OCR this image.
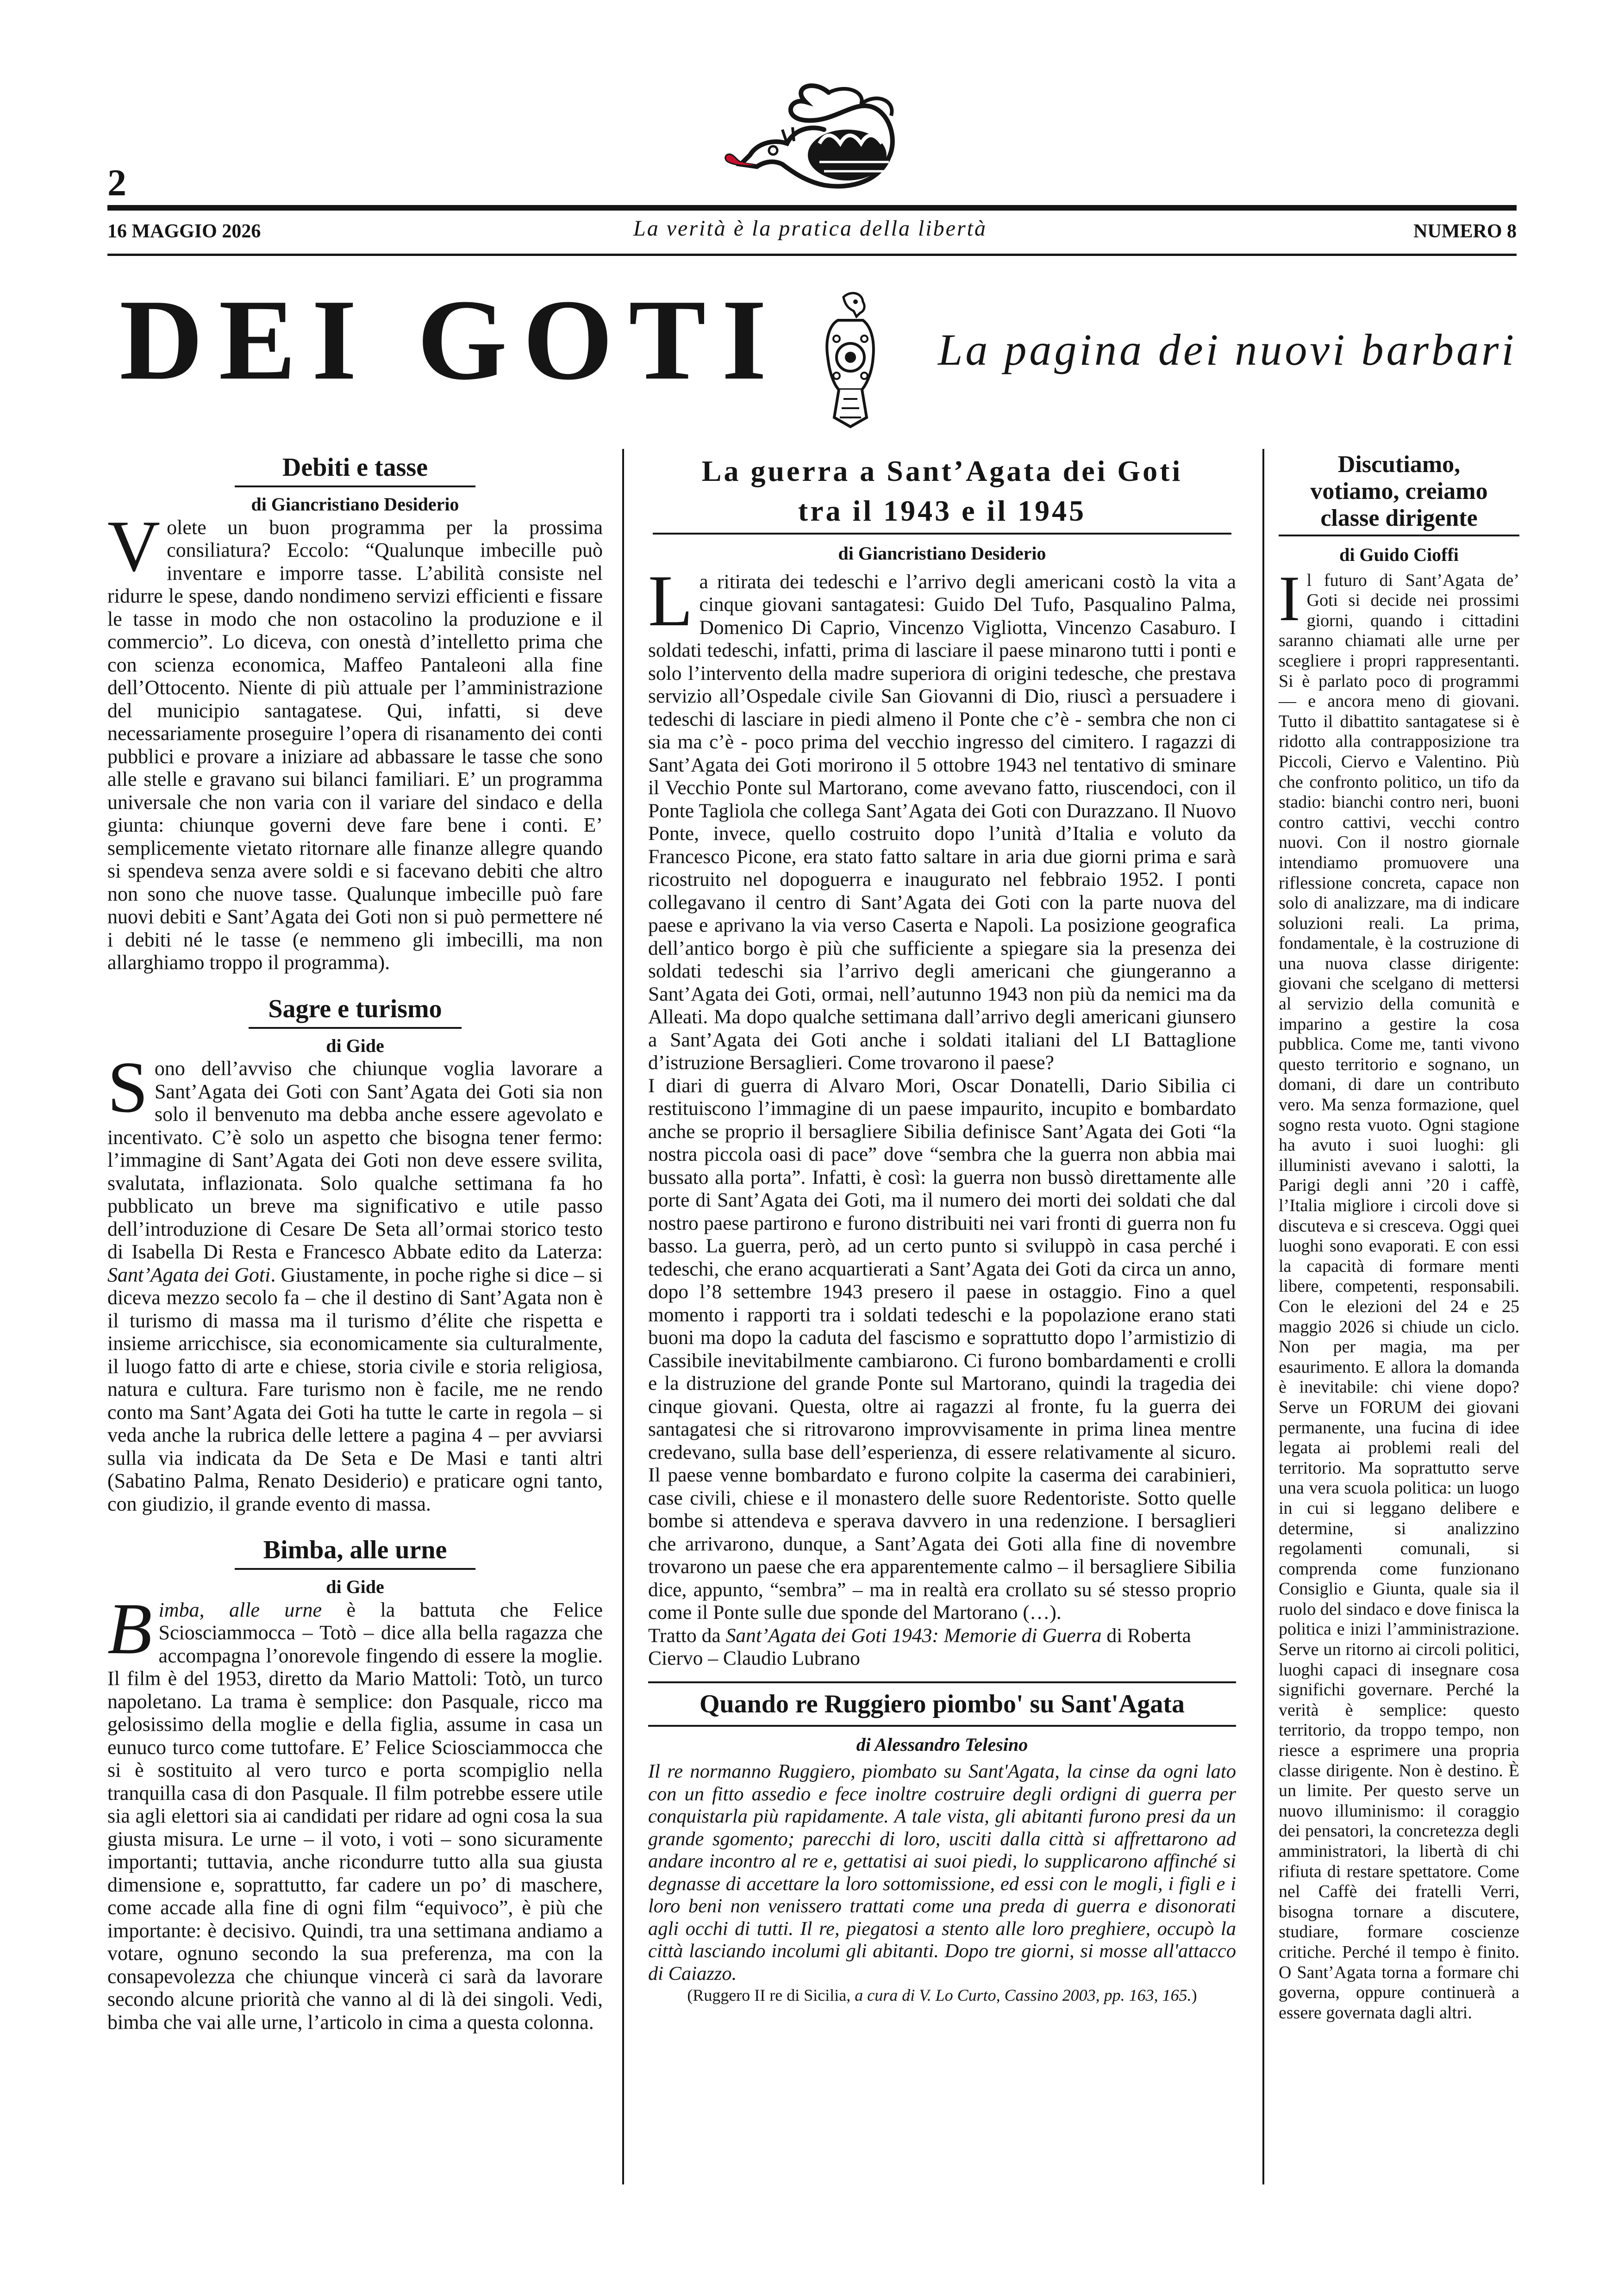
2
16 MAGGIO 2026	La verità è la pratica della libertà	NUMERO 8
DEI GOTI	La pagina dei nuovi barbari
Debiti e tasse

di Giancristiano Desiderio

Volete un buon programma per la prossima consiliatura? Eccolo: “Qualunque imbecille può inventare e imporre tasse. L’abilità consiste nel ridurre le spese, dando nondimeno servizi efficienti e fissare le tasse in modo che non ostacolino la produzione e il commercio”. Lo diceva, con onestà d’intelletto prima che con scienza economica, Maffeo Pantaleoni alla fine dell’Ottocento. Niente di più attuale per l’amministrazione del municipio santagatese. Qui, infatti, si deve necessariamente proseguire l’opera di risanamento dei conti pubblici e provare a iniziare ad abbassare le tasse che sono alle stelle e gravano sui bilanci familiari. E’ un programma universale che non varia con il variare del sindaco e della giunta: chiunque governi deve fare bene i conti. E’ semplicemente vietato ritornare alle finanze allegre quando si spendeva senza avere soldi e si facevano debiti che altro non sono che nuove tasse. Qualunque imbecille può fare nuovi debiti e Sant’Agata dei Goti non si può permettere né i debiti né le tasse (e nemmeno gli imbecilli, ma non allarghiamo troppo il programma).

Sagre e turismo

di Gide

Sono dell’avviso che chiunque voglia lavorare a Sant’Agata dei Goti con Sant’Agata dei Goti sia non solo il benvenuto ma debba anche essere agevolato e incentivato. C’è solo un aspetto che bisogna tener fermo: l’immagine di Sant’Agata dei Goti non deve essere svilita, svalutata, inflazionata. Solo qualche settimana fa ho pubblicato un breve ma significativo e utile passo dell’introduzione di Cesare De Seta all’ormai storico testo di Isabella Di Resta e Francesco Abbate edito da Laterza: Sant’Agata dei Goti. Giustamente, in poche righe si dice – si diceva mezzo secolo fa – che il destino di Sant’Agata non è il turismo di massa ma il turismo d’élite che rispetta e insieme arricchisce, sia economicamente sia culturalmente, il luogo fatto di arte e chiese, storia civile e storia religiosa, natura e cultura. Fare turismo non è facile, me ne rendo conto ma Sant’Agata dei Goti ha tutte le carte in regola – si veda anche la rubrica delle lettere a pagina 4 – per avviarsi sulla via indicata da De Seta e De Masi e tanti altri (Sabatino Palma, Renato Desiderio) e praticare ogni tanto, con giudizio, il grande evento di massa.

Bimba, alle urne

di Gide

Bimba, alle urne è la battuta che Felice Sciosciammocca – Totò – dice alla bella ragazza che accompagna l’onorevole fingendo di essere la moglie. Il film è del 1953, diretto da Mario Mattoli: Totò, un turco napoletano. La trama è semplice: don Pasquale, ricco ma gelosissimo della moglie e della figlia, assume in casa un eunuco turco come tuttofare. E’ Felice Sciosciammocca che si è sostituito al vero turco e porta scompiglio nella tranquilla casa di don Pasquale. Il film potrebbe essere utile sia agli elettori sia ai candidati per ridare ad ogni cosa la sua giusta misura. Le urne – il voto, i voti – sono sicuramente importanti; tuttavia, anche ricondurre tutto alla sua giusta dimensione e, soprattutto, far cadere un po’ di maschere, come accade alla fine di ogni film “equivoco”, è più che importante: è decisivo. Quindi, tra una settimana andiamo a votare, ognuno secondo la sua preferenza, ma con la consapevolezza che chiunque vincerà ci sarà da lavorare secondo alcune priorità che vanno al di là dei singoli. Vedi, bimba che vai alle urne, l’articolo in cima a questa colonna.

La guerra a Sant’Agata dei Goti
tra il 1943 e il 1945

di Giancristiano Desiderio

La ritirata dei tedeschi e l’arrivo degli americani costò la vita a cinque giovani santagatesi: Guido Del Tufo, Pasqualino Palma, Domenico Di Caprio, Vincenzo Vigliotta, Vincenzo Casaburo. I soldati tedeschi, infatti, prima di lasciare il paese minarono tutti i ponti e solo l’intervento della madre superiora di origini tedesche, che prestava servizio all’Ospedale civile San Giovanni di Dio, riuscì a persuadere i tedeschi di lasciare in piedi almeno il Ponte che c’è - sembra che non ci sia ma c’è - poco prima del vecchio ingresso del cimitero. I ragazzi di Sant’Agata dei Goti morirono il 5 ottobre 1943 nel tentativo di sminare il Vecchio Ponte sul Martorano, come avevano fatto, riuscendoci, con il Ponte Tagliola che collega Sant’Agata dei Goti con Durazzano. Il Nuovo Ponte, invece, quello costruito dopo l’unità d’Italia e voluto da Francesco Picone, era stato fatto saltare in aria due giorni prima e sarà ricostruito nel dopoguerra e inaugurato nel febbraio 1952. I ponti collegavano il centro di Sant’Agata dei Goti con la parte nuova del paese e aprivano la via verso Caserta e Napoli. La posizione geografica dell’antico borgo è più che sufficiente a spiegare sia la presenza dei soldati tedeschi sia l’arrivo degli americani che giungeranno a Sant’Agata dei Goti, ormai, nell’autunno 1943 non più da nemici ma da Alleati. Ma dopo qualche settimana dall’arrivo degli americani giunsero a Sant’Agata dei Goti anche i soldati italiani del LI Battaglione d’istruzione Bersaglieri. Come trovarono il paese?

I diari di guerra di Alvaro Mori, Oscar Donatelli, Dario Sibilia ci restituiscono l’immagine di un paese impaurito, incupito e bombardato anche se proprio il bersagliere Sibilia definisce Sant’Agata dei Goti “la nostra piccola oasi di pace” dove “sembra che la guerra non abbia mai bussato alla porta”. Infatti, è così: la guerra non bussò direttamente alle porte di Sant’Agata dei Goti, ma il numero dei morti dei soldati che dal nostro paese partirono e furono distribuiti nei vari fronti di guerra non fu basso. La guerra, però, ad un certo punto si sviluppò in casa perché i tedeschi, che erano acquartierati a Sant’Agata dei Goti da circa un anno, dopo l’8 settembre 1943 presero il paese in ostaggio. Fino a quel momento i rapporti tra i soldati tedeschi e la popolazione erano stati buoni ma dopo la caduta del fascismo e soprattutto dopo l’armistizio di Cassibile inevitabilmente cambiarono. Ci furono bombardamenti e crolli e la distruzione del grande Ponte sul Martorano, quindi la tragedia dei cinque giovani. Questa, oltre ai ragazzi al fronte, fu la guerra dei santagatesi che si ritrovarono improvvisamente in prima linea mentre credevano, sulla base dell’esperienza, di essere relativamente al sicuro. Il paese venne bombardato e furono colpite la caserma dei carabinieri, case civili, chiese e il monastero delle suore Redentoriste. Sotto quelle bombe si attendeva e sperava davvero in una redenzione. I bersaglieri che arrivarono, dunque, a Sant’Agata dei Goti alla fine di novembre trovarono un paese che era apparentemente calmo – il bersagliere Sibilia dice, appunto, “sembra” – ma in realtà era crollato su sé stesso proprio come il Ponte sulle due sponde del Martorano (…).

Tratto da Sant’Agata dei Goti 1943: Memorie di Guerra di Roberta Ciervo – Claudio Lubrano

Quando re Ruggiero piombo' su Sant'Agata

di Alessandro Telesino

Il re normanno Ruggiero, piombato su Sant'Agata, la cinse da ogni lato con un fitto assedio e fece inoltre costruire degli ordigni di guerra per conquistarla più rapidamente. A tale vista, gli abitanti furono presi da un grande sgomento; parecchi di loro, usciti dalla città si affrettarono ad andare incontro al re e, gettatisi ai suoi piedi, lo supplicarono affinché si degnasse di accettare la loro sottomissione, ed essi con le mogli, i figli e i loro beni non venissero trattati come una preda di guerra e disonorati agli occhi di tutti. Il re, piegatosi a stento alle loro preghiere, occupò la città lasciando incolumi gli abitanti. Dopo tre giorni, si mosse all'attacco di Caiazzo.

(Ruggero II re di Sicilia, a cura di V. Lo Curto, Cassino 2003, pp. 163, 165.)

Discutiamo,
votiamo, creiamo
classe dirigente

di Guido Cioffi

Il futuro di Sant’Agata de’ Goti si decide nei prossimi giorni, quando i cittadini saranno chiamati alle urne per scegliere i propri rappresentanti. Si è parlato poco di programmi — e ancora meno di giovani. Tutto il dibattito santagatese si è ridotto alla contrapposizione tra Piccoli, Ciervo e Valentino. Più che confronto politico, un tifo da stadio: bianchi contro neri, buoni contro cattivi, vecchi contro nuovi. Con il nostro giornale intendiamo promuovere una riflessione concreta, capace non solo di analizzare, ma di indicare soluzioni reali. La prima, fondamentale, è la costruzione di una nuova classe dirigente: giovani che scelgano di mettersi al servizio della comunità e imparino a gestire la cosa pubblica. Come me, tanti vivono questo territorio e sognano, un domani, di dare un contributo vero. Ma senza formazione, quel sogno resta vuoto. Ogni stagione ha avuto i suoi luoghi: gli illuministi avevano i salotti, la Parigi degli anni ’20 i caffè, l’Italia migliore i circoli dove si discuteva e si cresceva. Oggi quei luoghi sono evaporati. E con essi la capacità di formare menti libere, competenti, responsabili. Con le elezioni del 24 e 25 maggio 2026 si chiude un ciclo. Non per magia, ma per esaurimento. E allora la domanda è inevitabile: chi viene dopo? Serve un FORUM dei giovani permanente, una fucina di idee legata ai problemi reali del territorio. Ma soprattutto serve una vera scuola politica: un luogo in cui si leggano delibere e determine, si analizzino regolamenti comunali, si comprenda come funzionano Consiglio e Giunta, quale sia il ruolo del sindaco e dove finisca la politica e inizi l’amministrazione. Serve un ritorno ai circoli politici, luoghi capaci di insegnare cosa significhi governare. Perché la verità è semplice: questo territorio, da troppo tempo, non riesce a esprimere una propria classe dirigente. Non è destino. È un limite. Per questo serve un nuovo illuminismo: il coraggio dei pensatori, la concretezza degli amministratori, la libertà di chi rifiuta di restare spettatore. Come nel Caffè dei fratelli Verri, bisogna tornare a discutere, studiare, formare coscienze critiche. Perché il tempo è finito. O Sant’Agata torna a formare chi governa, oppure continuerà a essere governata dagli altri.
